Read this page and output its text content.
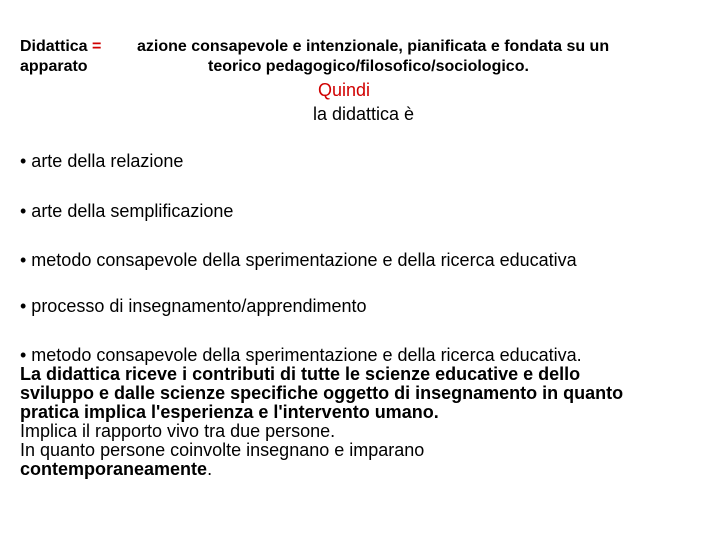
Didattica =
apparato
azione consapevole e intenzionale, pianificata e fondata su un
teorico pedagogico/filosofico/sociologico.
Quindi
la didattica è
• arte della relazione
• arte della semplificazione
• metodo consapevole della sperimentazione e della ricerca educativa
• processo di insegnamento/apprendimento
• metodo consapevole della sperimentazione e della ricerca educativa.
La didattica riceve i contributi di tutte le scienze educative e dello
sviluppo e dalle scienze specifiche oggetto di insegnamento in quanto
pratica implica l'esperienza e l'intervento umano.
Implica il rapporto vivo tra due persone.
In quanto persone coinvolte insegnano e imparano
contemporaneamente.
